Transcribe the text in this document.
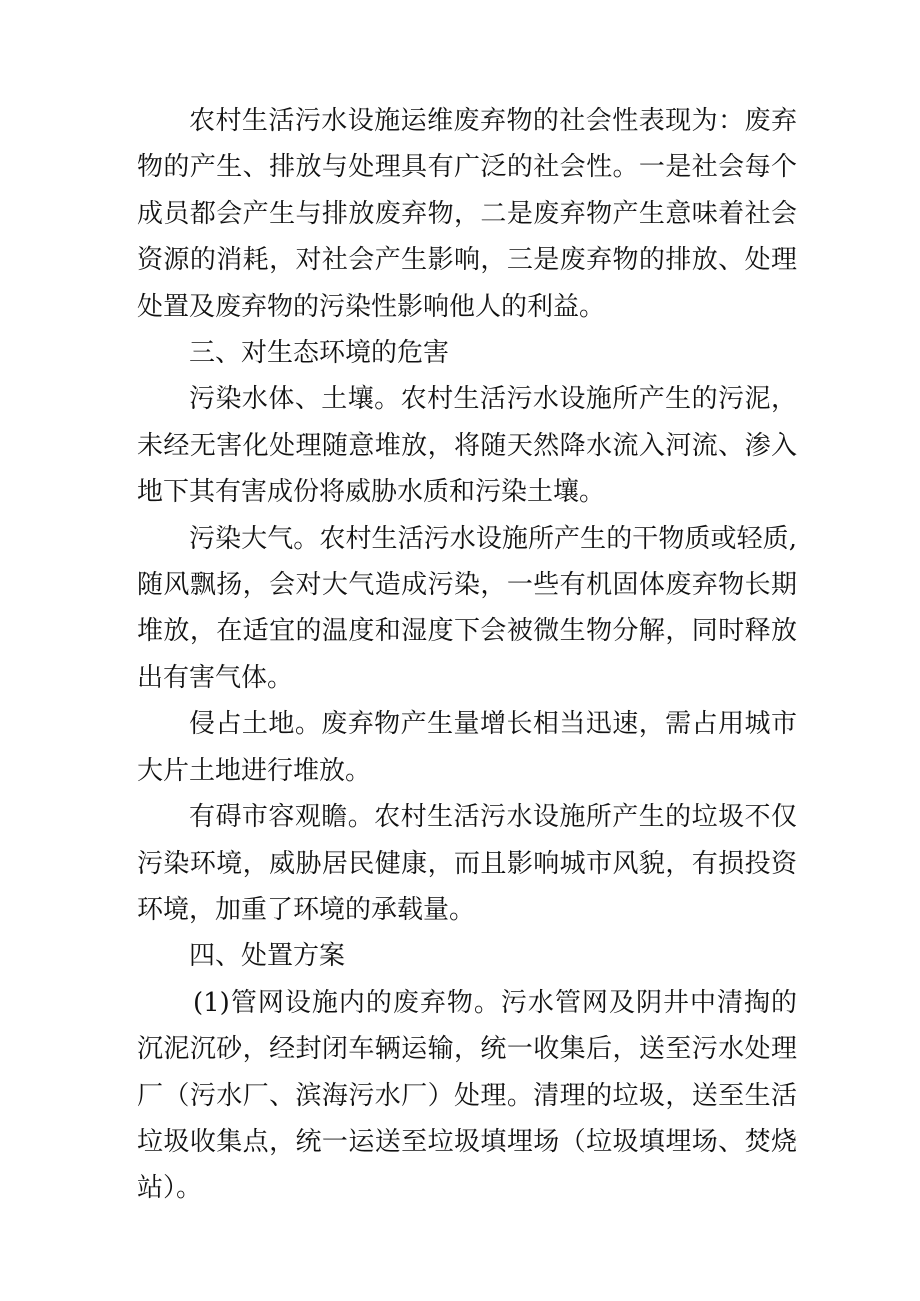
农村生活污水设施运维废弃物的社会性表现为：废弃物的产生、排放与处理具有广泛的社会性。一是社会每个成员都会产生与排放废弃物，二是废弃物产生意味着社会资源的消耗，对社会产生影响，三是废弃物的排放、处理处置及废弃物的污染性影响他人的利益。

三、对生态环境的危害

污染水体、土壤。农村生活污水设施所产生的污泥，未经无害化处理随意堆放，将随天然降水流入河流、渗入地下其有害成份将威胁水质和污染土壤。

污染大气。农村生活污水设施所产生的干物质或轻质,随风飘扬，会对大气造成污染，一些有机固体废弃物长期堆放，在适宜的温度和湿度下会被微生物分解，同时释放出有害气体。

侵占土地。废弃物产生量增长相当迅速，需占用城市大片土地进行堆放。

有碍市容观瞻。农村生活污水设施所产生的垃圾不仅污染环境，威胁居民健康，而且影响城市风貌，有损投资环境，加重了环境的承载量。

四、处置方案

(1)管网设施内的废弃物。污水管网及阴井中清掏的沉泥沉砂，经封闭车辆运输，统一收集后，送至污水处理厂（污水厂、滨海污水厂）处理。清理的垃圾，送至生活垃圾收集点，统一运送至垃圾填埋场（垃圾填埋场、焚烧站）。
